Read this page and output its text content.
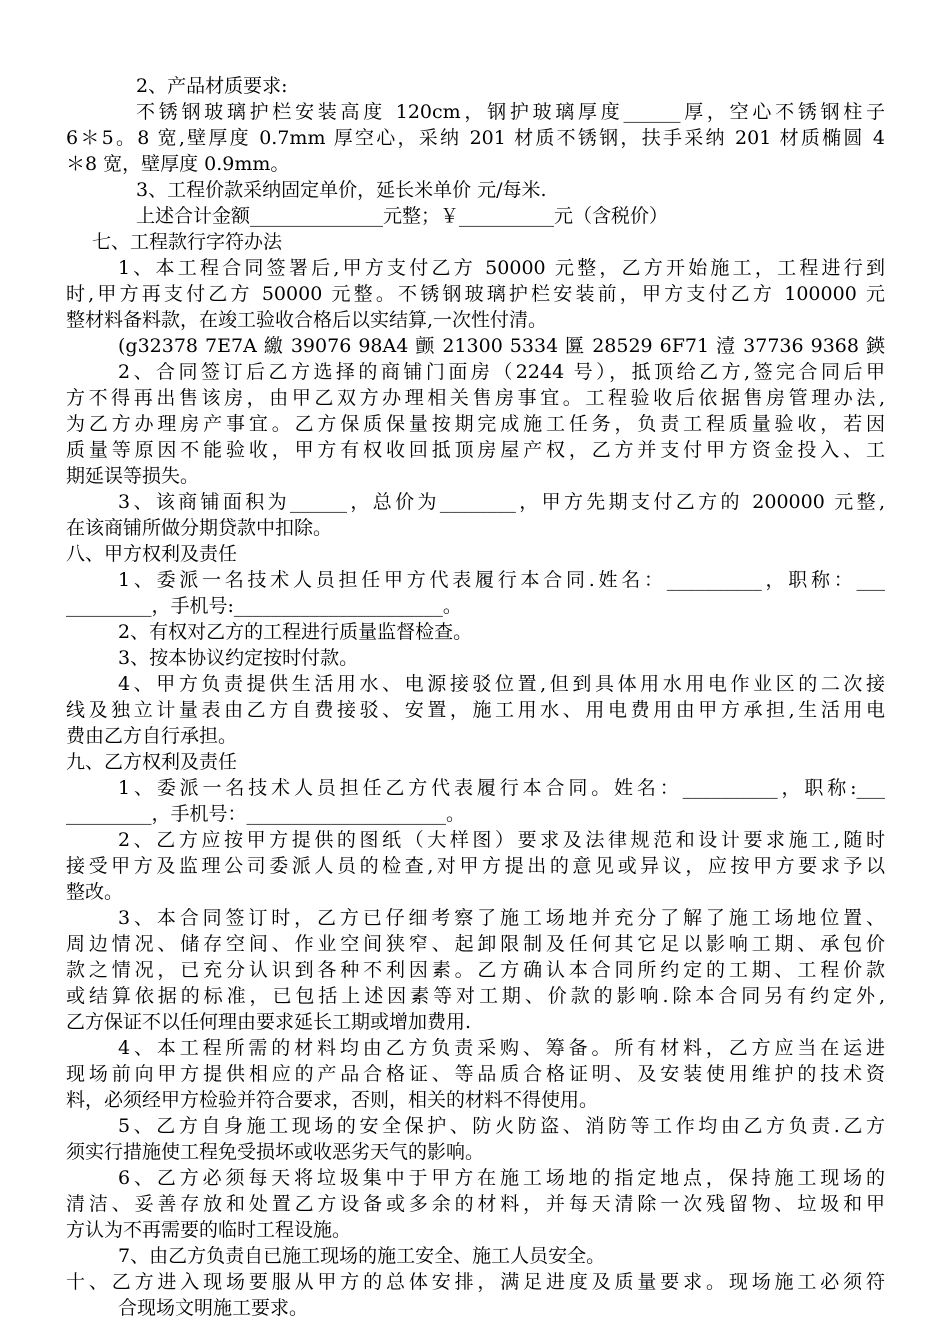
2、产品材质要求:

不锈钢玻璃护栏安装高度 120cm，钢护玻璃厚度______厚，空心不锈钢柱子

6＊5。8 宽,壁厚度 0.7mm 厚空心，采纳 201 材质不锈钢，扶手采纳 201 材质椭圆 4

＊8 宽，壁厚度 0.9mm。

3、工程价款采纳固定单价，延长米单价 元/每米.

上述合计金额______________元整；￥__________元（含税价）

七、工程款行字符办法

1、本工程合同签署后,甲方支付乙方 50000 元整，乙方开始施工，工程进行到

时,甲方再支付乙方 50000 元整。不锈钢玻璃护栏安装前，甲方支付乙方 100000 元

整材料备料款，在竣工验收合格后以实结算,一次性付清。

(g32378 7E7A 繳 39076 98A4 颤 21300 5334 匴 28529 6F71 潱 37736 9368 鍈

2、合同签订后乙方选择的商铺门面房（2244 号），抵顶给乙方,签完合同后甲

方不得再出售该房，由甲乙双方办理相关售房事宜。工程验收后依据售房管理办法,

为乙方办理房产事宜。乙方保质保量按期完成施工任务，负责工程质量验收，若因

质量等原因不能验收，甲方有权收回抵顶房屋产权，乙方并支付甲方资金投入、工

期延误等损失。

3、该商铺面积为______，总价为________，甲方先期支付乙方的 200000 元整,

在该商铺所做分期贷款中扣除。

八、甲方权利及责任

1、委派一名技术人员担任甲方代表履行本合同.姓名：__________，职称：___

_________，手机号:______________________。

2、有权对乙方的工程进行质量监督检查。

3、按本协议约定按时付款。

4、甲方负责提供生活用水、电源接驳位置,但到具体用水用电作业区的二次接

线及独立计量表由乙方自费接驳、安置，施工用水、用电费用由甲方承担,生活用电

费由乙方自行承担。

九、乙方权利及责任

1、委派一名技术人员担任乙方代表履行本合同。姓名：__________，职称:___

_________，手机号：_____________________。

2、乙方应按甲方提供的图纸（大样图）要求及法律规范和设计要求施工,随时

接受甲方及监理公司委派人员的检查,对甲方提出的意见或异议，应按甲方要求予以

整改。

3、本合同签订时，乙方已仔细考察了施工场地并充分了解了施工场地位置、

周边情况、储存空间、作业空间狭窄、起卸限制及任何其它足以影响工期、承包价

款之情况，已充分认识到各种不利因素。乙方确认本合同所约定的工期、工程价款

或结算依据的标准，已包括上述因素等对工期、价款的影响.除本合同另有约定外,

乙方保证不以任何理由要求延长工期或增加费用.

4、本工程所需的材料均由乙方负责采购、筹备。所有材料，乙方应当在运进

现场前向甲方提供相应的产品合格证、等品质合格证明、及安装使用维护的技术资

料，必须经甲方检验并符合要求，否则，相关的材料不得使用。

5、乙方自身施工现场的安全保护、防火防盗、消防等工作均由乙方负责.乙方

须实行措施使工程免受损坏或收恶劣天气的影响。

6、乙方必须每天将垃圾集中于甲方在施工场地的指定地点，保持施工现场的

清洁、妥善存放和处置乙方设备或多余的材料，并每天清除一次残留物、垃圾和甲

方认为不再需要的临时工程设施。

7、由乙方负责自已施工现场的施工安全、施工人员安全。

十、乙方进入现场要服从甲方的总体安排，满足进度及质量要求。现场施工必须符

合现场文明施工要求。
